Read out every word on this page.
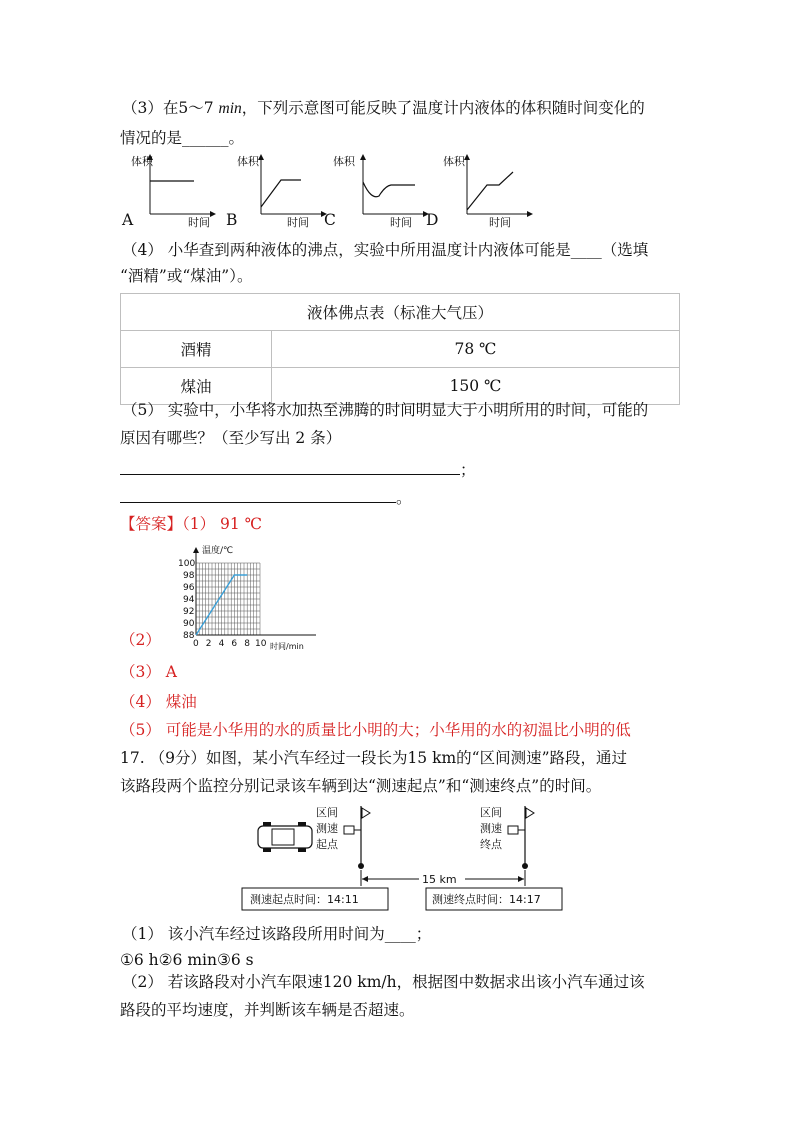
（3）在5～7 min，下列示意图可能反映了温度计内液体的体积随时间变化的
情况的是______。
体积
时间
体积
时间
体积
时间
体积
时间
A	B	C	D
（4） 小华查到两种液体的沸点，实验中所用温度计内液体可能是____（选填
“酒精”或“煤油”）。
液体佛点表（标准大气压）	
酒精	78 ℃
煤油	150 ℃
（5） 实验中，小华将水加热至沸腾的时间明显大于小明所用的时间，可能的
原因有哪些？（至少写出 2 条）
；
。
【答案】（1） 91 ℃
（2）	0 2 4 6 8 10
88
90
92
94
96
98
100
温度/℃
时间/min
（3） A
（4） 煤油
（5） 可能是小华用的水的质量比小明的大；小华用的水的初温比小明的低
17. （9分）如图，某小汽车经过一段长为15 km的“区间测速”路段，通过
该路段两个监控分别记录该车辆到达“测速起点”和“测速终点”的时间。
区间
测速
起点
区间
测速
终点
15 km
测速起点时间：14:11	测速终点时间：14:17
（1） 该小汽车经过该路段所用时间为____；
①6 h②6 min③6 s
（2） 若该路段对小汽车限速120 km/h，根据图中数据求出该小汽车通过该
路段的平均速度，并判断该车辆是否超速。
